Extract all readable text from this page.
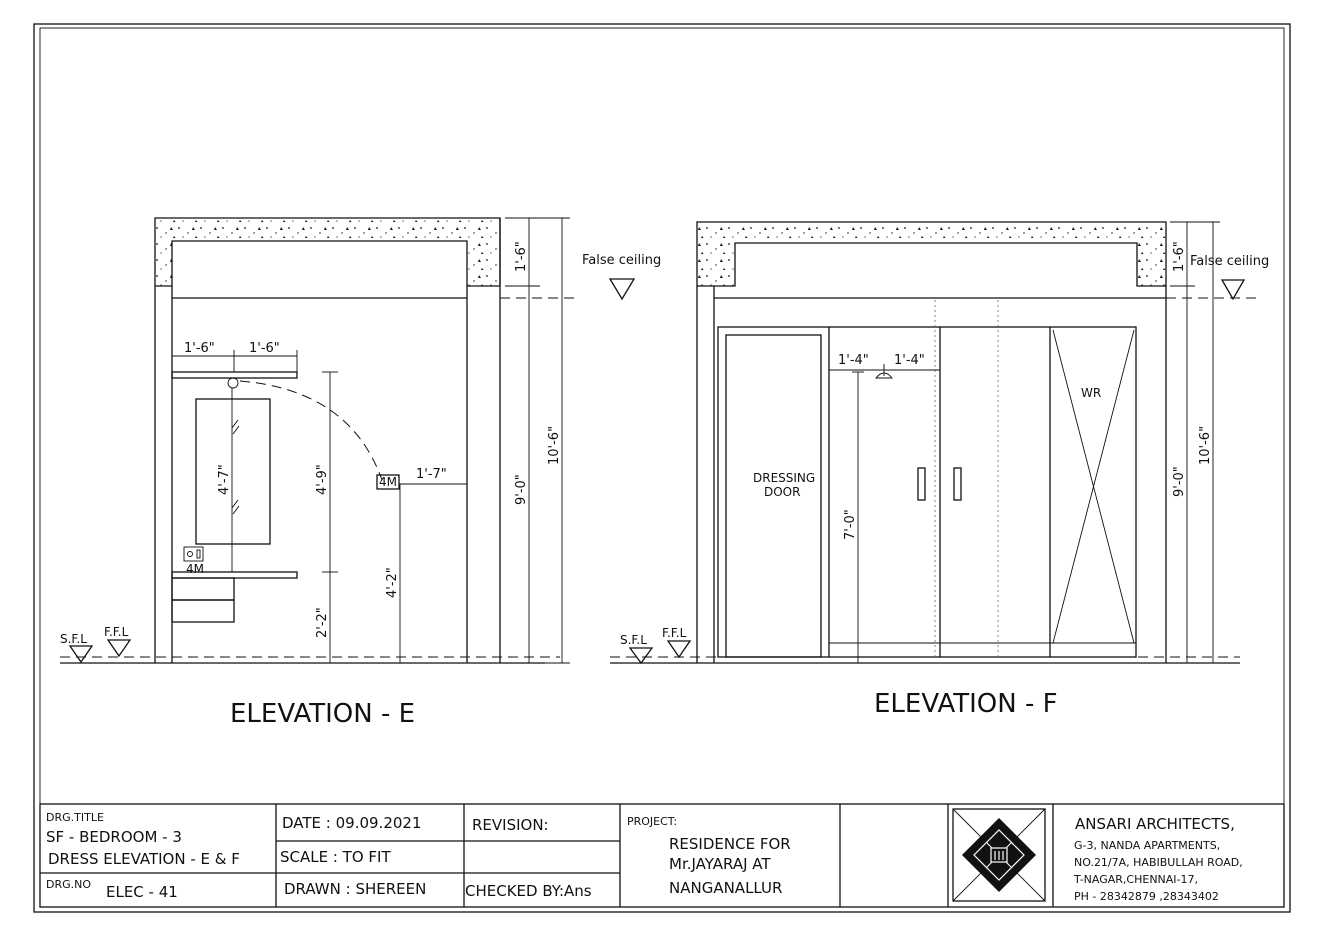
1'-6"	1'-6"
4'-7"	4'-9"
2'-2"
1'-7"
4'-2"
1'-6"
9'-0"
10'-6"
4M
4M
False ceiling
S.F.L F.F.L
ELEVATION - E
1'-4" 1'-4"
7'-0"
1'-6"
9'-0"
10'-6"
DRESSING
DOOR
WR
False ceiling
S.F.L F.F.L
ELEVATION - F
DRG.TITLE
SF - BEDROOM - 3
DRESS ELEVATION - E & F
DRG.NO ELEC - 41
DATE : 09.09.2021
SCALE : TO FIT
DRAWN : SHEREEN
REVISION:
CHECKED BY:Ans
PROJECT:
RESIDENCE FOR
Mr.JAYARAJ AT
NANGANALLUR
ANSARI ARCHITECTS,
G-3, NANDA APARTMENTS,
NO.21/7A, HABIBULLAH ROAD,
T-NAGAR,CHENNAI-17,
PH - 28342879 ,28343402
